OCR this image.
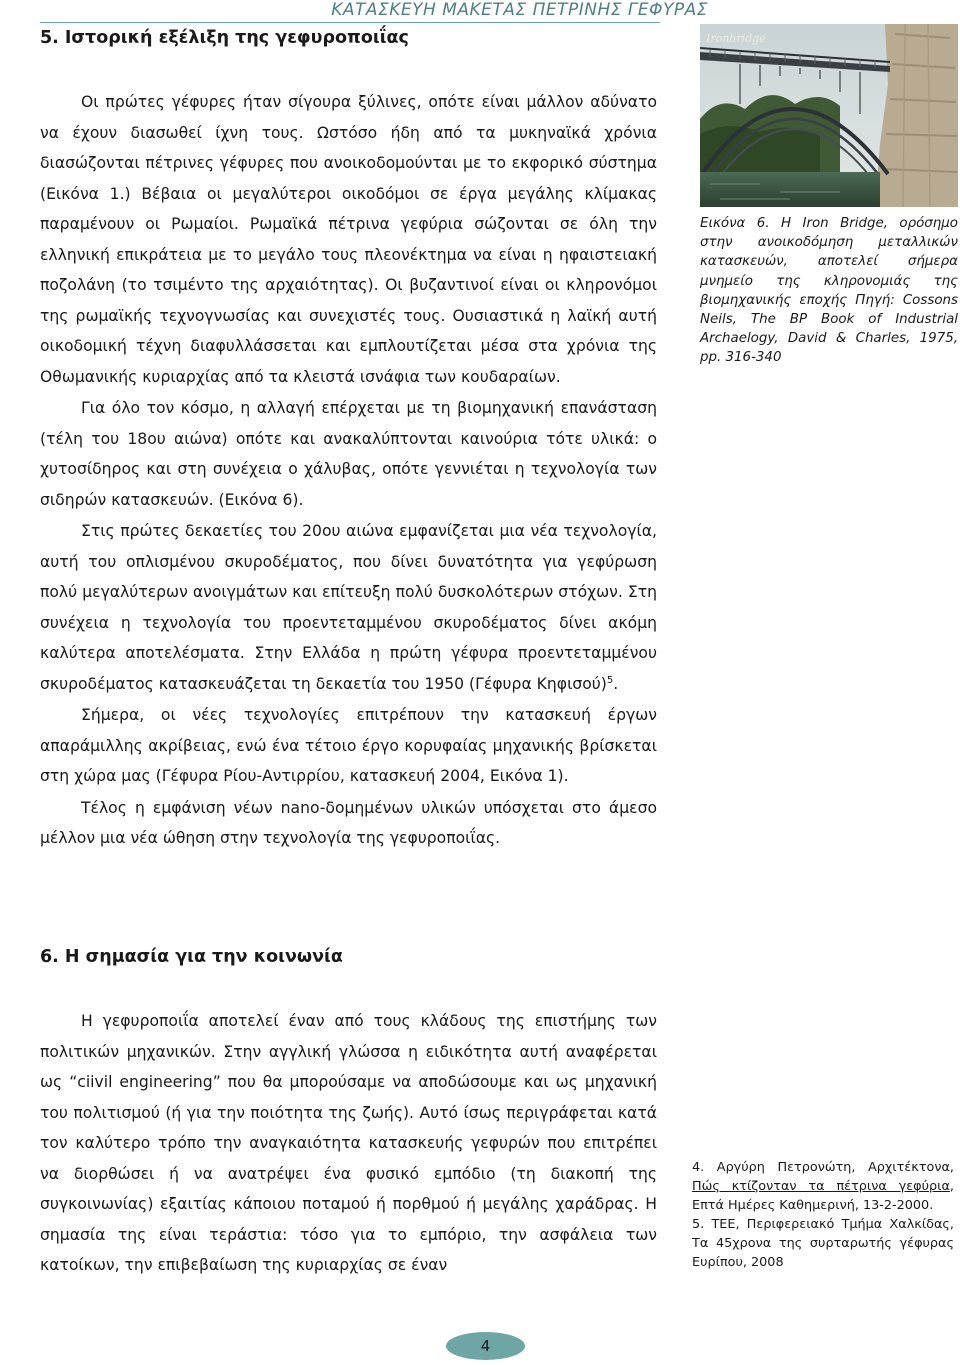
ΚΑΤΑΣΚΕΥΗ ΜΑΚΕΤΑΣ ΠΕΤΡΙΝΗΣ ΓΕΦΥΡΑΣ
5. Ιστορική εξέλιξη της γεφυροποιΐας

Οι πρώτες γέφυρες ήταν σίγουρα ξύλινες, οπότε είναι μάλλον αδύνατο να έχουν διασωθεί ίχνη τους. Ωστόσο ήδη από τα μυκηναϊκά χρόνια διασώζονται πέτρινες γέφυρες που ανοικοδομούνται με το εκφορικό σύστημα (Εικόνα 1.) Βέβαια οι μεγαλύτεροι οικοδόμοι σε έργα μεγάλης κλίμακας παραμένουν οι Ρωμαίοι. Ρωμαϊκά πέτρινα γεφύρια σώζονται σε όλη την ελληνική επικράτεια με το μεγάλο τους πλεονέκτημα να είναι η ηφαιστειακή ποζολάνη (το τσιμέντο της αρχαιότητας). Οι βυζαντινοί είναι οι κληρονόμοι της ρωμαϊκής τεχνογνωσίας και συνεχιστές τους. Ουσιαστικά η λαϊκή αυτή οικοδομική τέχνη διαφυλλάσσεται και εμπλουτίζεται μέσα στα χρόνια της Οθωμανικής κυριαρχίας από τα κλειστά ισνάφια των κουδαραίων.

Για όλο τον κόσμο, η αλλαγή επέρχεται με τη βιομηχανική επανάσταση (τέλη του 18ου αιώνα) οπότε και ανακαλύπτονται καινούρια τότε υλικά: ο χυτοσίδηρος και στη συνέχεια ο χάλυβας, οπότε γεννιέται η τεχνολογία των σιδηρών κατασκευών. (Εικόνα 6).

Στις πρώτες δεκαετίες του 20ου αιώνα εμφανίζεται μια νέα τεχνολογία, αυτή του οπλισμένου σκυροδέματος, που δίνει δυνατότητα για γεφύρωση πολύ μεγαλύτερων ανοιγμάτων και επίτευξη πολύ δυσκολότερων στόχων. Στη συνέχεια η τεχνολογία του προεντεταμμένου σκυροδέματος δίνει ακόμη καλύτερα αποτελέσματα. Στην Ελλάδα η πρώτη γέφυρα προεντεταμμένου σκυροδέματος κατασκευάζεται τη δεκαετία του 1950 (Γέφυρα Κηφισού)$^5$.

Σήμερα, οι νέες τεχνολογίες επιτρέπουν την κατασκευή έργων απαράμιλλης ακρίβειας, ενώ ένα τέτοιο έργο κορυφαίας μηχανικής βρίσκεται στη χώρα μας (Γέφυρα Ρίου-Αντιρρίου, κατασκευή 2004, Εικόνα 1).

Τέλος η εμφάνιση νέων nano-δομημένων υλικών υπόσχεται στο άμεσο μέλλον μια νέα ώθηση στην τεχνολογία της γεφυροποιΐας.

6. Η σημασία για την κοινωνία

Η γεφυροποιΐα αποτελεί έναν από τους κλάδους της επιστήμης των πολιτικών μηχανικών. Στην αγγλική γλώσσα η ειδικότητα αυτή αναφέρεται ως “ciivil engineering” που θα μπορούσαμε να αποδώσουμε και ως μηχανική του πολιτισμού (ή για την ποιότητα της ζωής). Αυτό ίσως περιγράφεται κατά τον καλύτερο τρόπο την αναγκαιότητα κατασκευής γεφυρών που επιτρέπει να διορθώσει ή να ανατρέψει ένα φυσικό εμπόδιο (τη διακοπή της συγκοινωνίας) εξαιτίας κάποιου ποταμού ή πορθμού ή μεγάλης χαράδρας. Η σημασία της είναι τεράστια: τόσο για το εμπόριο, την ασφάλεια των κατοίκων, την επιβεβαίωση της κυριαρχίας σε έναν

Ironbridge
Εικόνα 6. Η Iron Bridge, ορόσημο στην ανοικοδόμηση μεταλλικών κατασκευών, αποτελεί σήμερα μνημείο της κληρονομιάς της βιομηχανικής εποχής Πηγή: Cossons Neils, The BP Book of Industrial Archaelogy, David & Charles, 1975, pp. 316-340

4. Αργύρη Πετρονώτη, Αρχιτέκτονα, Πώς κτίζονταν τα πέτρινα γεφύρια, Επτά Ημέρες Καθημερινή, 13-2-2000.

5. ΤΕΕ, Περιφερειακό Τμήμα Χαλκίδας, Τα 45χρονα της συρταρωτής γέφυρας Ευρίπου, 2008

4
